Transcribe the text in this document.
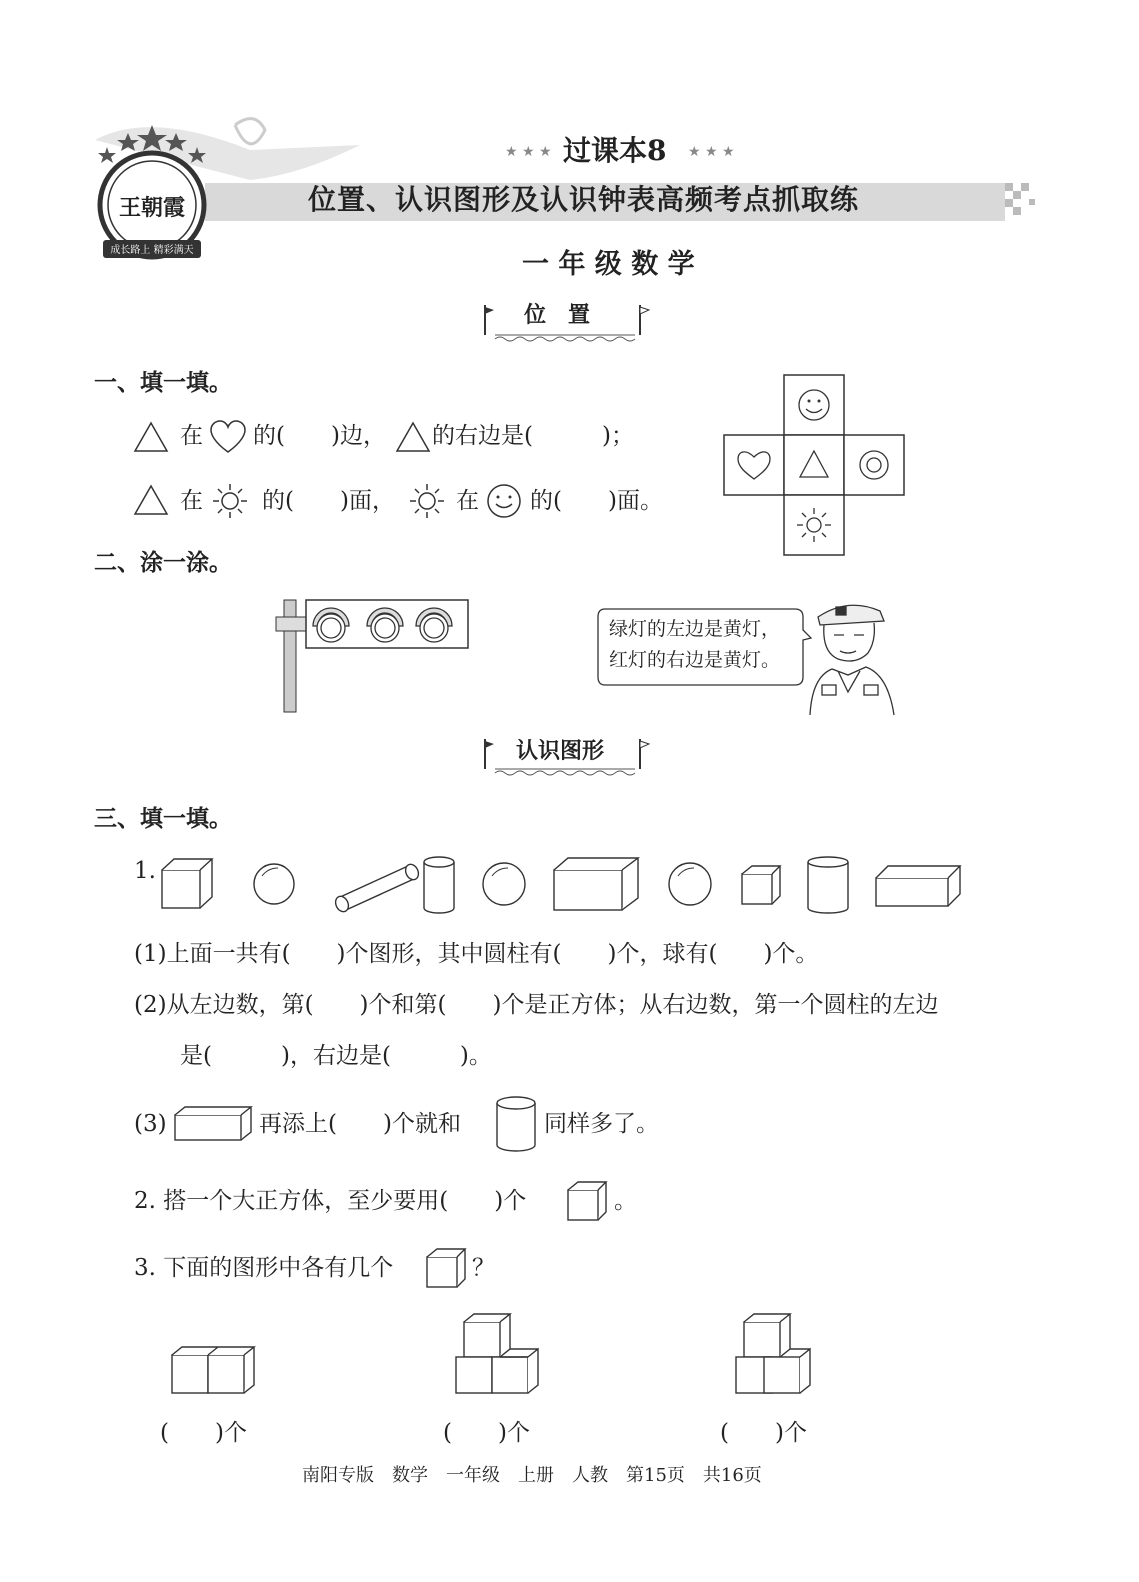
成长路上 精彩满天
王朝霞
★ ★ ★ 过课本8 ★ ★ ★
位置、认识图形及认识钟表高频考点抓取练
一 年 级 数 学
位　置
一、填一填。
在 的(　　)边， 的右边是(　　　)；
在	的(　　)面，	在 的(　　)面。
二、涂一涂。
绿灯的左边是黄灯，
红灯的右边是黄灯。
认识图形
三、填一填。
1.
(1)上面一共有(　　)个图形，其中圆柱有(　　)个，球有(　　)个。
(2)从左边数，第(　　)个和第(　　)个是正方体；从右边数，第一个圆柱的左边
是(　　　)，右边是(　　　)。
(3)	再添上(　　)个就和	同样多了。
2. 搭一个大正方体，至少要用(　　)个	。
3. 下面的图形中各有几个	？
(　　)个	(　　)个	(　　)个
南阳专版　数学　一年级　上册　人教　第15页　共16页
